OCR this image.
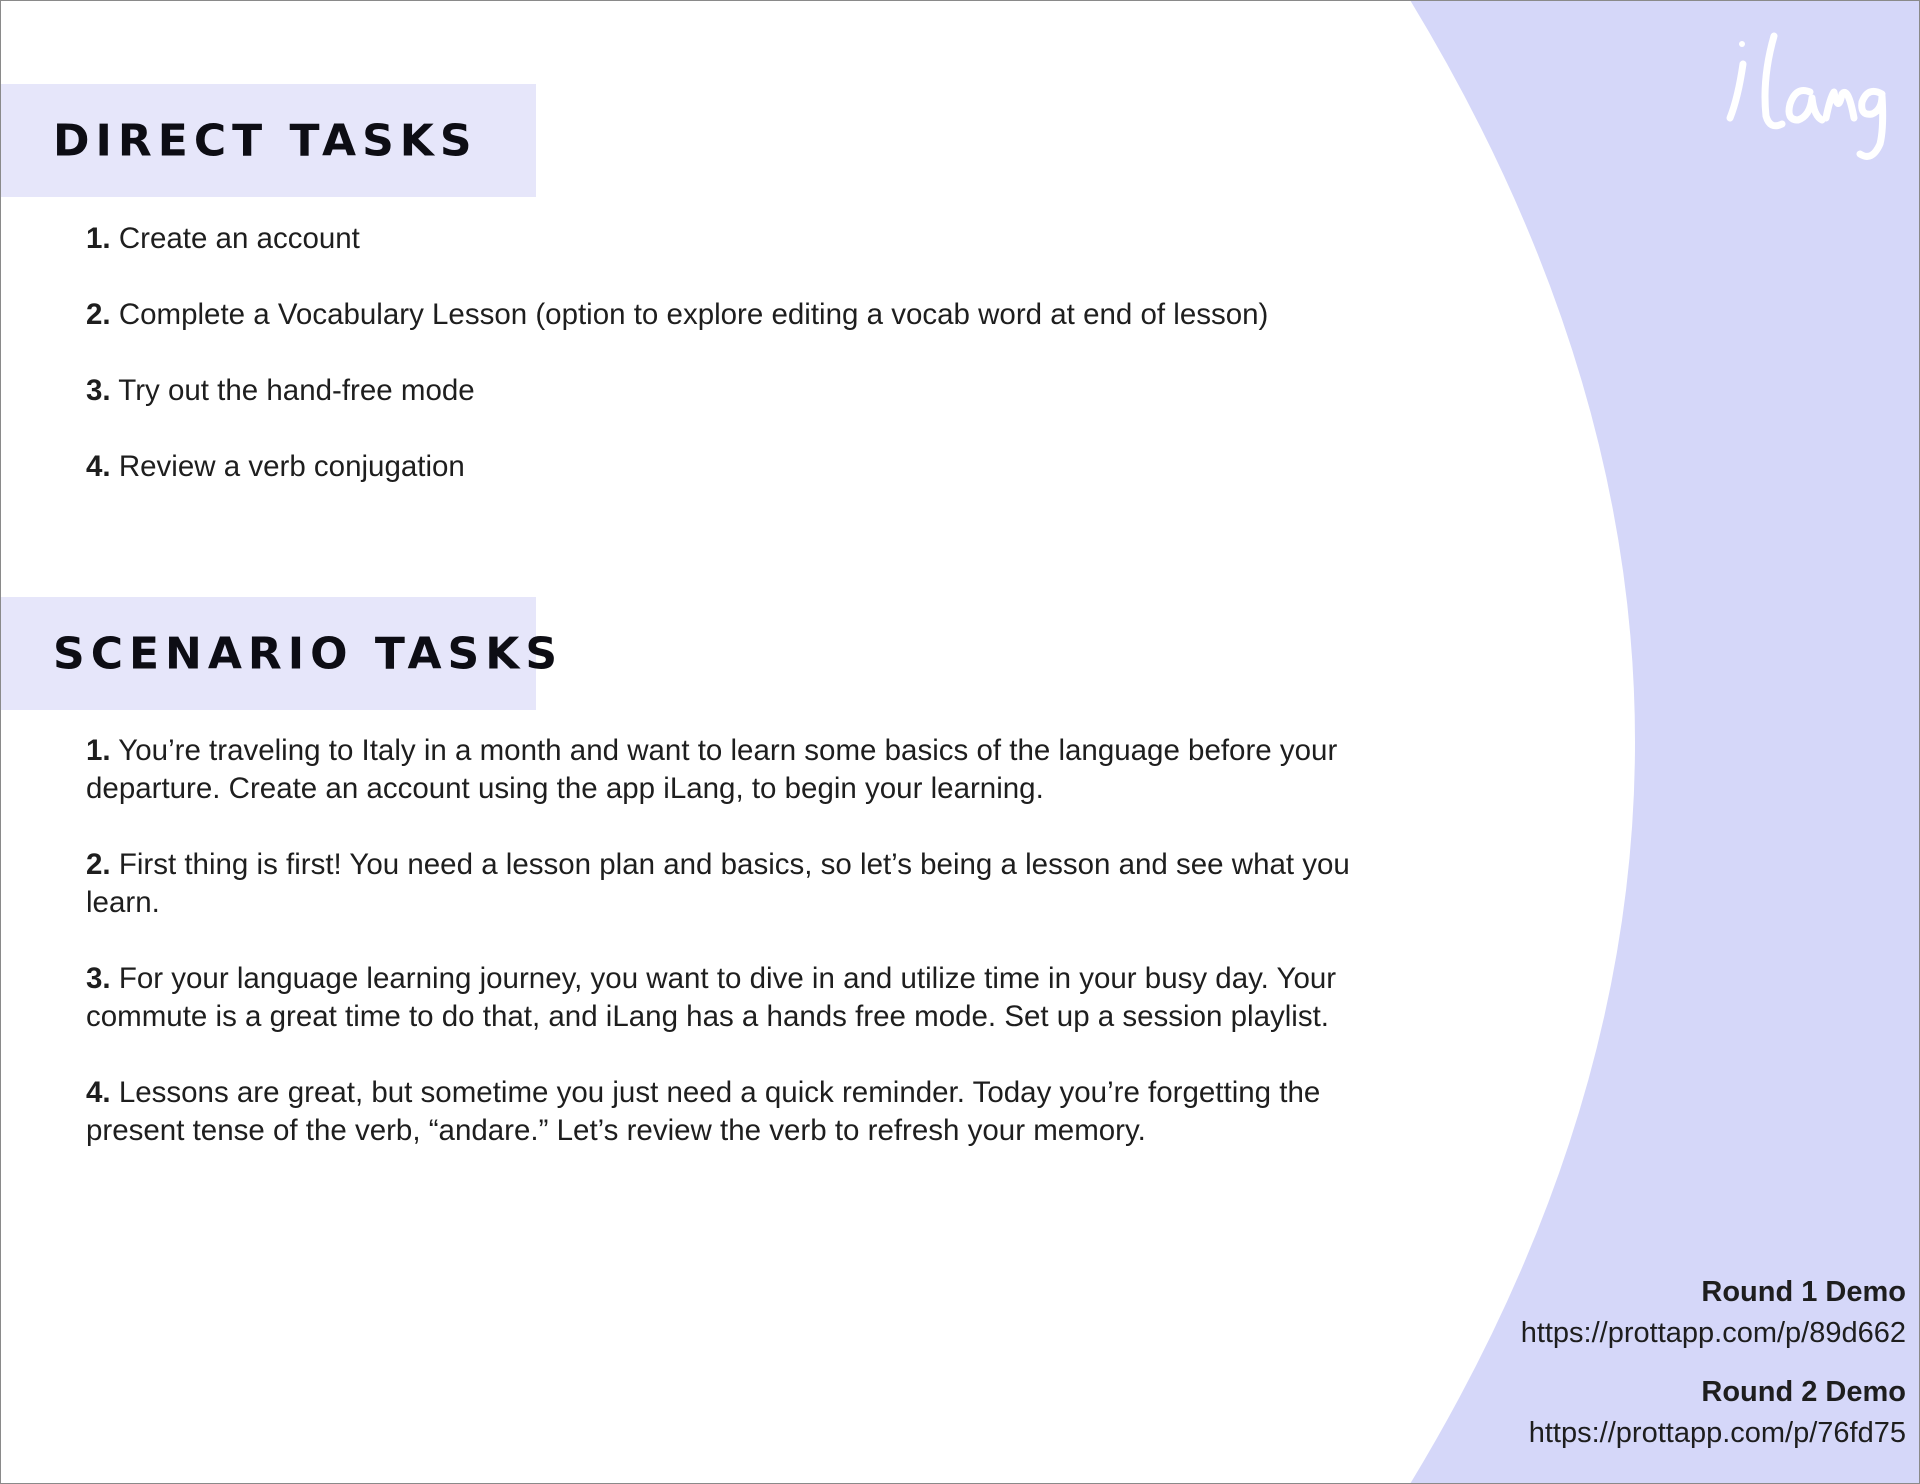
DIRECT TASKS
1. Create an account
2. Complete a Vocabulary Lesson (option to explore editing a vocab word at end of lesson)
3. Try out the hand-free mode
4. Review a verb conjugation
SCENARIO TASKS
1. You’re traveling to Italy in a month and want to learn some basics of the language before your departure. Create an account using the app iLang, to begin your learning.
2. First thing is first! You need a lesson plan and basics, so let’s being a lesson and see what you learn.
3. For your language learning journey, you want to dive in and utilize time in your busy day. Your commute is a great time to do that, and iLang has a hands free mode. Set up a session playlist.
4. Lessons are great, but sometime you just need a quick reminder. Today you’re forgetting the present tense of the verb, “andare.” Let’s review the verb to refresh your memory.
Round 1 Demo
https://prottapp.com/p/89d662
Round 2 Demo
https://prottapp.com/p/76fd75
